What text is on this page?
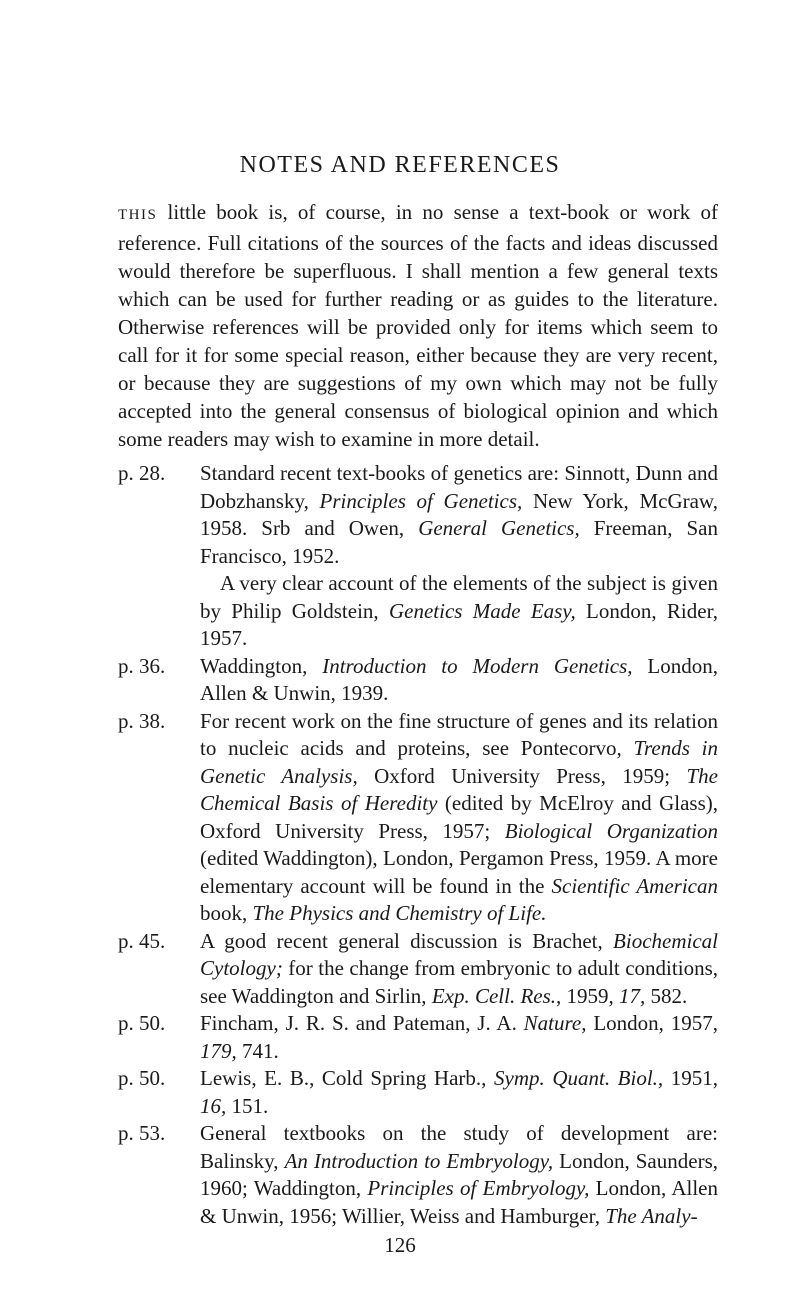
NOTES AND REFERENCES
THIS little book is, of course, in no sense a text-book or work of reference. Full citations of the sources of the facts and ideas discussed would therefore be superfluous. I shall mention a few general texts which can be used for further reading or as guides to the literature. Otherwise references will be provided only for items which seem to call for it for some special reason, either because they are very recent, or because they are suggestions of my own which may not be fully accepted into the general consensus of biological opinion and which some readers may wish to examine in more detail.
p. 28. Standard recent text-books of genetics are: Sinnott, Dunn and Dobzhansky, Principles of Genetics, New York, McGraw, 1958. Srb and Owen, General Genetics, Freeman, San Francisco, 1952.
A very clear account of the elements of the subject is given by Philip Goldstein, Genetics Made Easy, London, Rider, 1957.
p. 36. Waddington, Introduction to Modern Genetics, London, Allen & Unwin, 1939.
p. 38. For recent work on the fine structure of genes and its relation to nucleic acids and proteins, see Pontecorvo, Trends in Genetic Analysis, Oxford University Press, 1959; The Chemical Basis of Heredity (edited by McElroy and Glass), Oxford University Press, 1957; Biological Organization (edited Waddington), London, Pergamon Press, 1959. A more elementary account will be found in the Scientific American book, The Physics and Chemistry of Life.
p. 45. A good recent general discussion is Brachet, Biochemical Cytology; for the change from embryonic to adult conditions, see Waddington and Sirlin, Exp. Cell. Res., 1959, 17, 582.
p. 50. Fincham, J. R. S. and Pateman, J. A. Nature, London, 1957, 179, 741.
p. 50. Lewis, E. B., Cold Spring Harb., Symp. Quant. Biol., 1951, 16, 151.
p. 53. General textbooks on the study of development are: Balinsky, An Introduction to Embryology, London, Saunders, 1960; Waddington, Principles of Embryology, London, Allen & Unwin, 1956; Willier, Weiss and Hamburger, The Analy-
126
